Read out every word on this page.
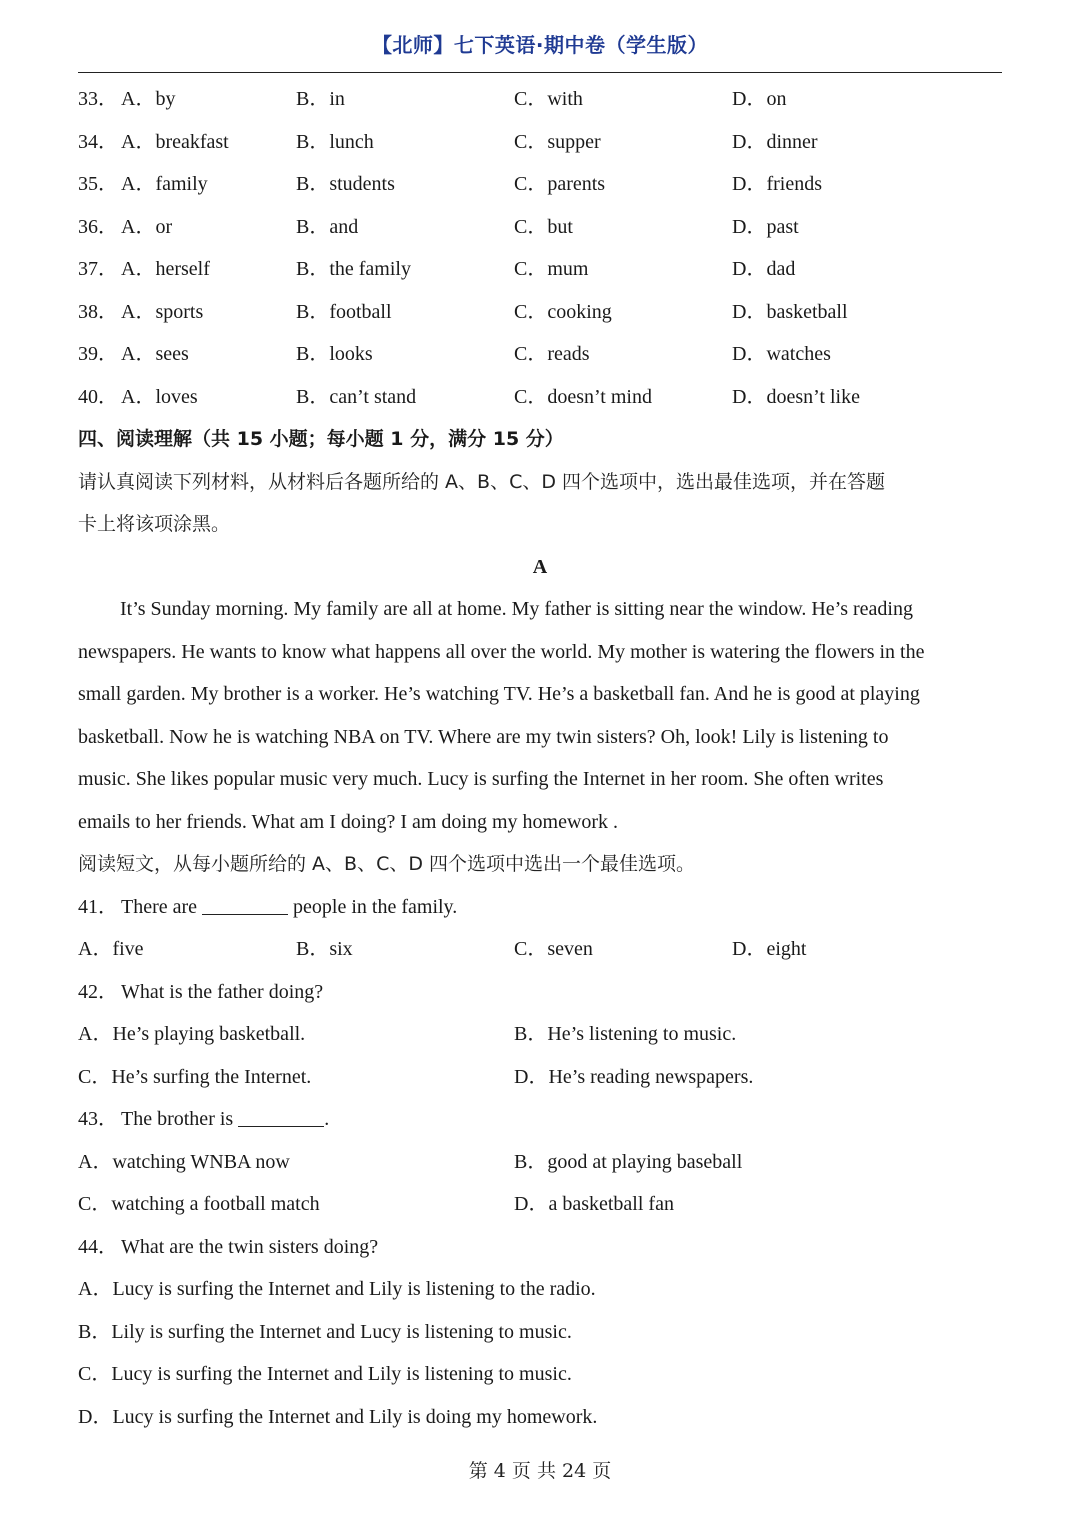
【北师】七下英语·期中卷（学生版）
33． A．by	B．in	C．with	D．on
34． A．breakfast	B．lunch	C．supper	D．dinner
35． A．family	B．students	C．parents	D．friends
36． A．or	B．and	C．but	D．past
37． A．herself	B．the family	C．mum	D．dad
38． A．sports	B．football	C．cooking	D．basketball
39． A．sees	B．looks	C．reads	D．watches
40． A．loves	B．can’t stand	C．doesn’t mind	D．doesn’t like
四、阅读理解（共 15 小题；每小题 1 分，满分 15 分）
请认真阅读下列材料，从材料后各题所给的 A、B、C、D 四个选项中，选出最佳选项，并在答题
卡上将该项涂黑。
A
It’s Sunday morning. My family are all at home. My father is sitting near the window. He’s reading
newspapers. He wants to know what happens all over the world. My mother is watering the flowers in the
small garden. My brother is a worker. He’s watching TV. He’s a basketball fan. And he is good at playing
basketball. Now he is watching NBA on TV. Where are my twin sisters? Oh, look! Lily is listening to
music. She likes popular music very much. Lucy is surfing the Internet in her room. She often writes
emails to her friends. What am I doing? I am doing my homework .
阅读短文，从每小题所给的 A、B、C、D 四个选项中选出一个最佳选项。
41． There are	people in the family.
A．five	B．six	C．seven	D．eight
42． What is the father doing?
A．He’s playing basketball.	B．He’s listening to music.
C．He’s surfing the Internet.	D．He’s reading newspapers.
43． The brother is	.
A．watching WNBA now	B．good at playing baseball
C．watching a football match	D．a basketball fan
44． What are the twin sisters doing?
A．Lucy is surfing the Internet and Lily is listening to the radio.
B．Lily is surfing the Internet and Lucy is listening to music.
C．Lucy is surfing the Internet and Lily is listening to music.
D．Lucy is surfing the Internet and Lily is doing my homework.
第 4 页 共 24 页
